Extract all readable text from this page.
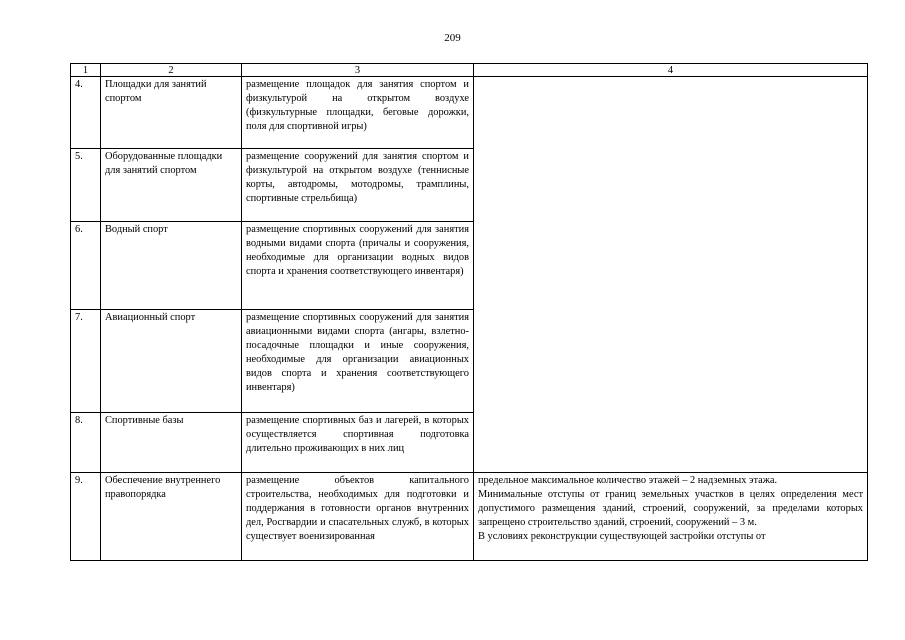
209
1	2	3	4
4.	Площадки для занятий спортом	размещение площадок для занятия спортом и физкультурой на открытом воздухе (физкультурные площадки, беговые дорожки, поля для спортивной игры)	

5.	Оборудованные площадки для занятий спортом	размещение сооружений для занятия спортом и физкультурой на открытом воздухе (теннисные корты, автодромы, мотодромы, трамплины, спортивные стрельбища)	

6.	Водный спорт	размещение спортивных сооружений для занятия водными видами спорта (причалы и сооружения, необходимые для организации водных видов спорта и хранения соответствующего инвентаря)	

7.	Авиационный спорт	размещение спортивных сооружений для занятия авиационными видами спорта (ангары, взлетно-посадочные площадки и иные сооружения, необходимые для организации авиационных видов спорта и хранения соответствующего инвентаря)	

8.	Спортивные базы	размещение спортивных баз и лагерей, в которых осуществляется спортивная подготовка длительно проживающих в них лиц	

9.	Обеспечение внутреннего правопорядка	размещение объектов капитального строительства, необходимых для подготовки и поддержания в готовности органов внутренних дел, Росгвардии и спасательных служб, в которых существует военизированная	предельное максимальное количество этажей – 2 надземных этажа.

Минимальные отступы от границ земельных участков в целях определения мест допустимого размещения зданий, строений, сооружений, за пределами которых запрещено строительство зданий, строений, сооружений – 3 м.

В условиях реконструкции существующей застройки отступы от
